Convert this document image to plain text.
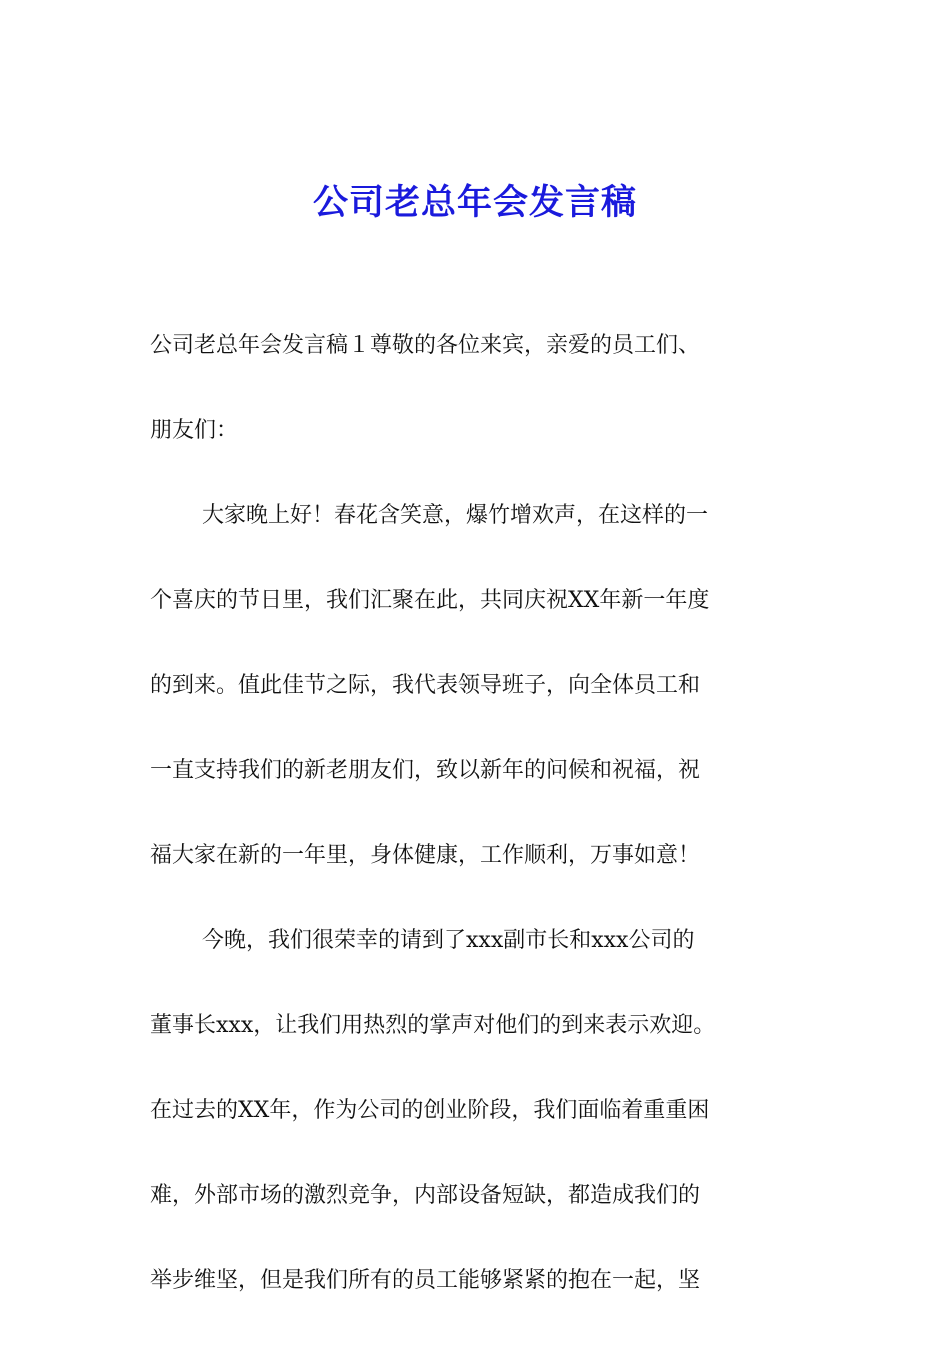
公司老总年会发言稿
公司老总年会发言稿１尊敬的各位来宾，亲爱的员工们、
朋友们：
大家晚上好！春花含笑意，爆竹增欢声，在这样的一
个喜庆的节日里，我们汇聚在此，共同庆祝XX年新一年度
的到来。值此佳节之际，我代表领导班子，向全体员工和
一直支持我们的新老朋友们，致以新年的问候和祝福，祝
福大家在新的一年里，身体健康，工作顺利，万事如意！
今晚，我们很荣幸的请到了xxx副市长和xxx公司的
董事长xxx，让我们用热烈的掌声对他们的到来表示欢迎。
在过去的XX年，作为公司的创业阶段，我们面临着重重困
难，外部市场的激烈竞争，内部设备短缺，都造成我们的
举步维坚，但是我们所有的员工能够紧紧的抱在一起，坚
